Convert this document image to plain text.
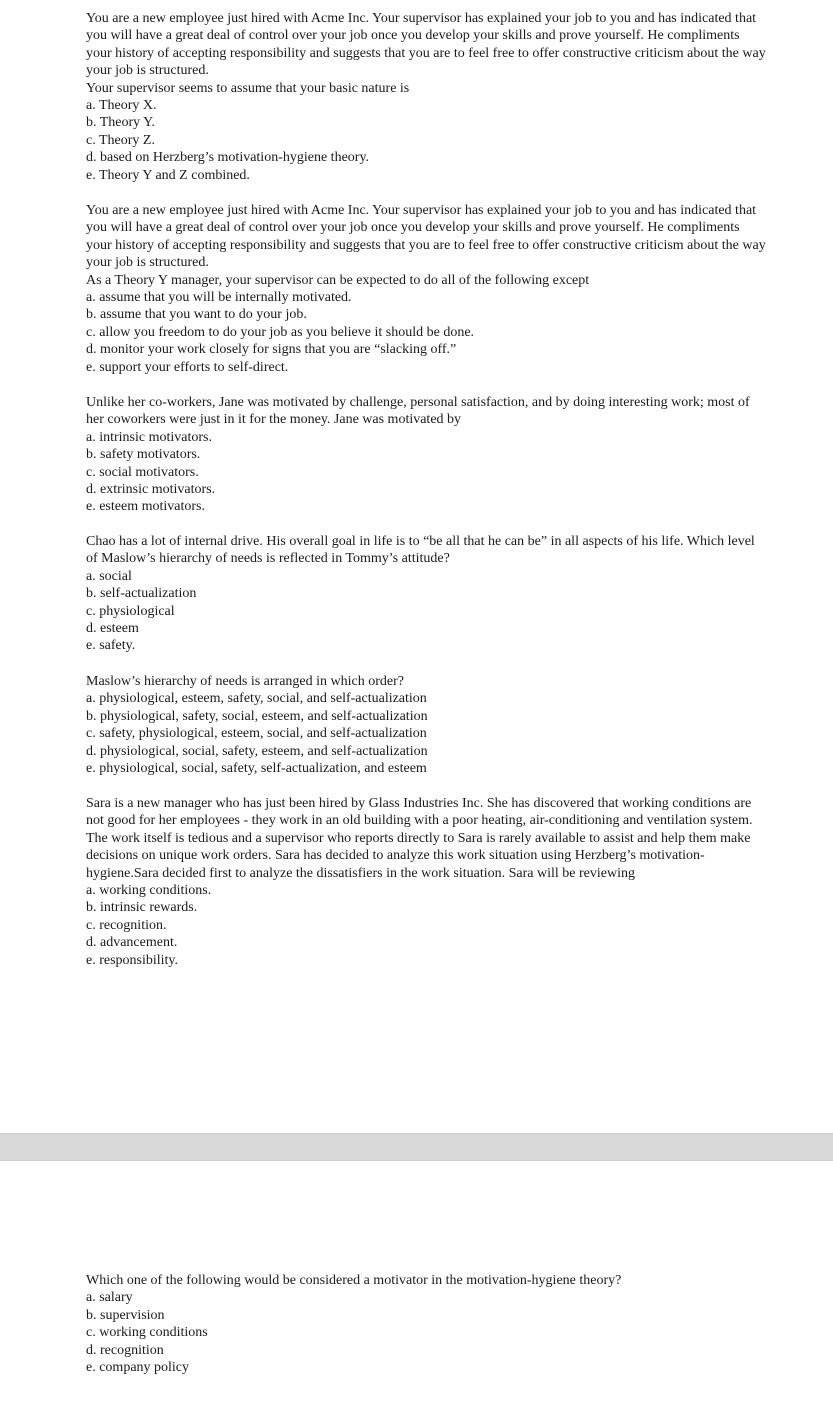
You are a new employee just hired with Acme Inc. Your supervisor has explained your job to you and has indicated that you will have a great deal of control over your job once you develop your skills and prove yourself. He compliments your history of accepting responsibility and suggests that you are to feel free to offer constructive criticism about the way your job is structured.

Your supervisor seems to assume that your basic nature is

a. Theory X.
b. Theory Y.
c. Theory Z.
d. based on Herzberg’s motivation-hygiene theory.
e. Theory Y and Z combined.

You are a new employee just hired with Acme Inc. Your supervisor has explained your job to you and has indicated that you will have a great deal of control over your job once you develop your skills and prove yourself. He compliments your history of accepting responsibility and suggests that you are to feel free to offer constructive criticism about the way your job is structured.

As a Theory Y manager, your supervisor can be expected to do all of the following except

a. assume that you will be internally motivated.
b. assume that you want to do your job.
c. allow you freedom to do your job as you believe it should be done.
d. monitor your work closely for signs that you are “slacking off.”
e. support your efforts to self-direct.

Unlike her co-workers, Jane was motivated by challenge, personal satisfaction, and by doing interesting work; most of her coworkers were just in it for the money. Jane was motivated by

a. intrinsic motivators.
b. safety motivators.
c. social motivators.
d. extrinsic motivators.
e. esteem motivators.

Chao has a lot of internal drive. His overall goal in life is to “be all that he can be” in all aspects of his life. Which level of Maslow’s hierarchy of needs is reflected in Tommy’s attitude?

a. social
b. self-actualization
c. physiological
d. esteem
e. safety.

Maslow’s hierarchy of needs is arranged in which order?

a. physiological, esteem, safety, social, and self-actualization
b. physiological, safety, social, esteem, and self-actualization
c. safety, physiological, esteem, social, and self-actualization
d. physiological, social, safety, esteem, and self-actualization
e. physiological, social, safety, self-actualization, and esteem

Sara is a new manager who has just been hired by Glass Industries Inc. She has discovered that working conditions are not good for her employees - they work in an old building with a poor heating, air-conditioning and ventilation system. The work itself is tedious and a supervisor who reports directly to Sara is rarely available to assist and help them make decisions on unique work orders. Sara has decided to analyze this work situation using Herzberg’s motivation-hygiene.Sara decided first to analyze the dissatisfiers in the work situation. Sara will be reviewing

a. working conditions.
b. intrinsic rewards.
c. recognition.
d. advancement.
e. responsibility.

Which one of the following would be considered a motivator in the motivation-hygiene theory?

a. salary
b. supervision
c. working conditions
d. recognition
e. company policy
